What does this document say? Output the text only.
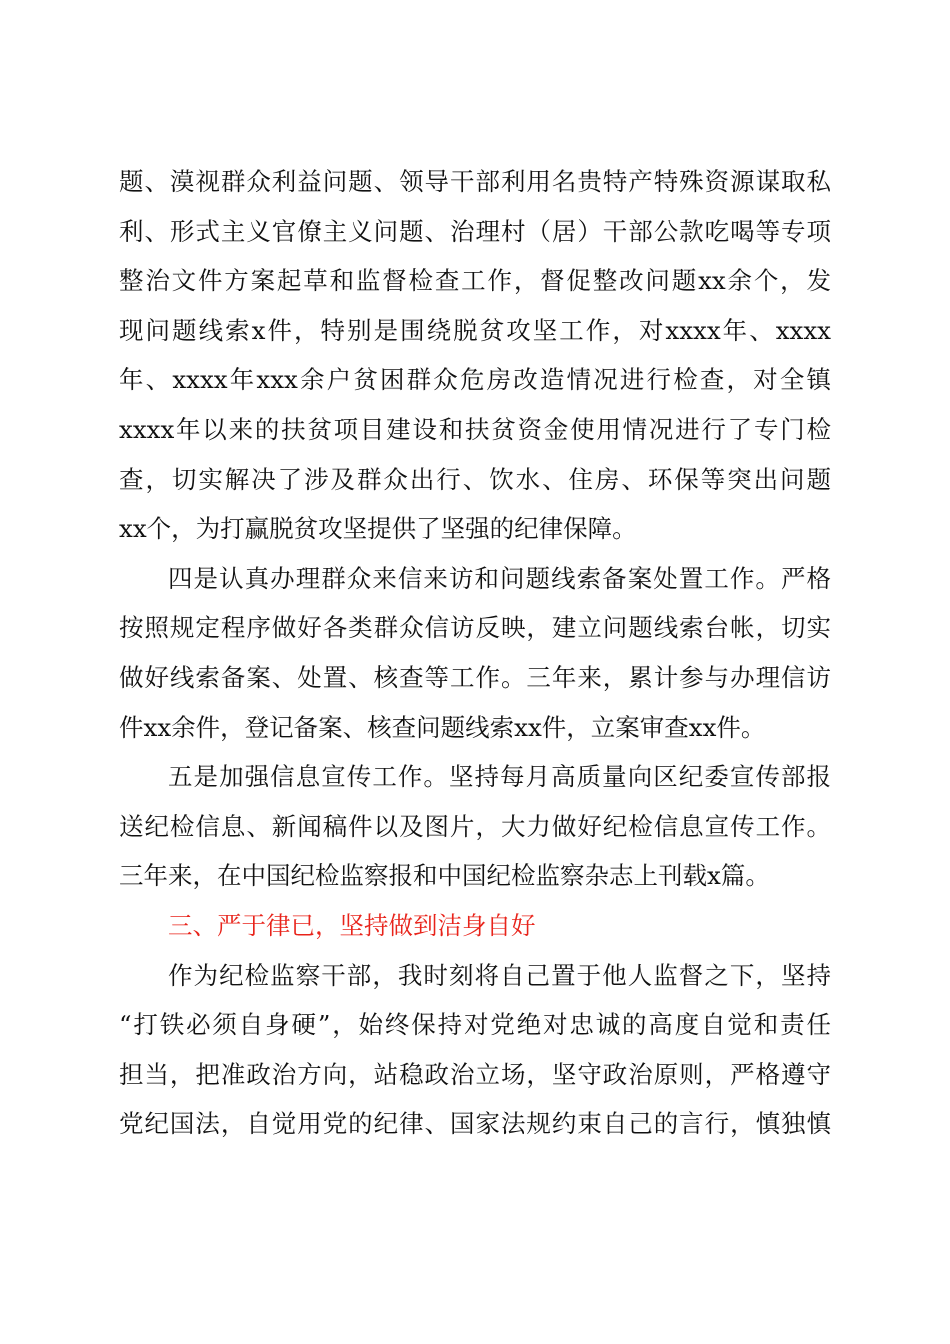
题、漠视群众利益问题、领导干部利用名贵特产特殊资源谋取私
利、形式主义官僚主义问题、治理村（居）干部公款吃喝等专项
整治文件方案起草和监督检查工作，督促整改问题xx余个，发
现问题线索x件，特别是围绕脱贫攻坚工作，对xxxx年、xxxx
年、xxxx年xxx余户贫困群众危房改造情况进行检查，对全镇
xxxx年以来的扶贫项目建设和扶贫资金使用情况进行了专门检
查，切实解决了涉及群众出行、饮水、住房、环保等突出问题
xx个，为打赢脱贫攻坚提供了坚强的纪律保障。
四是认真办理群众来信来访和问题线索备案处置工作。严格
按照规定程序做好各类群众信访反映，建立问题线索台帐，切实
做好线索备案、处置、核查等工作。三年来，累计参与办理信访
件xx余件，登记备案、核查问题线索xx件，立案审查xx件。
五是加强信息宣传工作。坚持每月高质量向区纪委宣传部报
送纪检信息、新闻稿件以及图片，大力做好纪检信息宣传工作。
三年来，在中国纪检监察报和中国纪检监察杂志上刊载x篇。
三、严于律已，坚持做到洁身自好
作为纪检监察干部，我时刻将自己置于他人监督之下，坚持
“打铁必须自身硬”，始终保持对党绝对忠诚的高度自觉和责任
担当，把准政治方向，站稳政治立场，坚守政治原则，严格遵守
党纪国法，自觉用党的纪律、国家法规约束自己的言行，慎独慎
